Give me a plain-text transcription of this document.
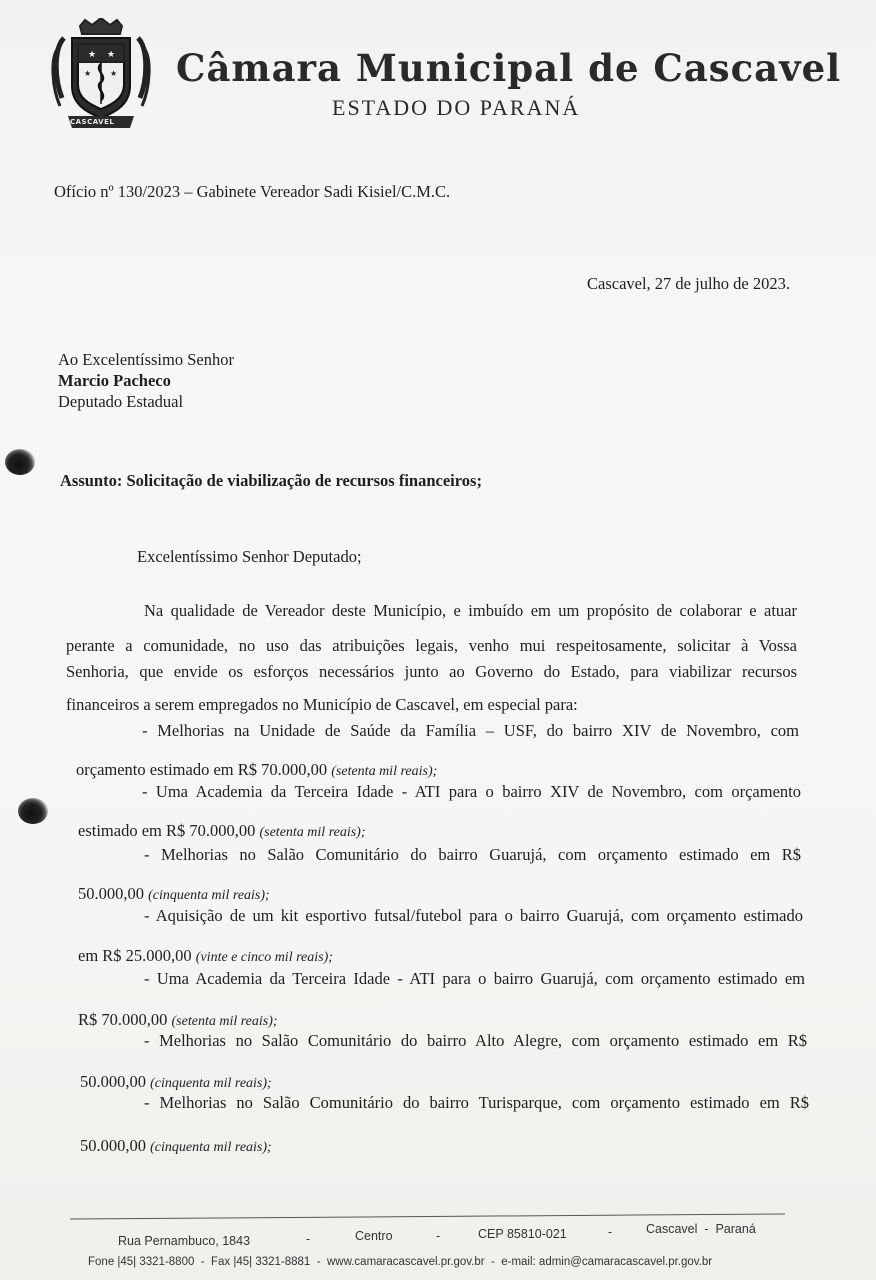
★ ★
★ ★
CASCAVEL
Câmara Municipal de Cascavel
ESTADO DO PARANÁ
Ofício nº 130/2023 – Gabinete Vereador Sadi Kisiel/C.M.C.
Cascavel, 27 de julho de 2023.
Ao Excelentíssimo Senhor
Marcio Pacheco
Deputado Estadual
Assunto: Solicitação de viabilização de recursos financeiros;
Excelentíssimo Senhor Deputado;
Na qualidade de Vereador deste Município, e imbuído em um propósito de colaborar e atuar
perante a comunidade, no uso das atribuições legais, venho mui respeitosamente, solicitar à Vossa
Senhoria, que envide os esforços necessários junto ao Governo do Estado, para viabilizar recursos
financeiros a serem empregados no Município de Cascavel, em especial para:
- Melhorias na Unidade de Saúde da Família – USF, do bairro XIV de Novembro, com
orçamento estimado em R$ 70.000,00 (setenta mil reais);
- Uma Academia da Terceira Idade - ATI para o bairro XIV de Novembro, com orçamento
estimado em R$ 70.000,00 (setenta mil reais);
- Melhorias no Salão Comunitário do bairro Guarujá, com orçamento estimado em R$
50.000,00 (cinquenta mil reais);
- Aquisição de um kit esportivo futsal/futebol para o bairro Guarujá, com orçamento estimado
em R$ 25.000,00 (vinte e cinco mil reais);
- Uma Academia da Terceira Idade - ATI para o bairro Guarujá, com orçamento estimado em
R$ 70.000,00 (setenta mil reais);
- Melhorias no Salão Comunitário do bairro Alto Alegre, com orçamento estimado em R$
50.000,00 (cinquenta mil reais);
- Melhorias no Salão Comunitário do bairro Turisparque, com orçamento estimado em R$
50.000,00 (cinquenta mil reais);
Rua Pernambuco, 1843	-	Centro	-	CEP 85810-021	-	Cascavel  -  Paraná
Fone |45| 3321-8800  -  Fax |45| 3321-8881  -  www.camaracascavel.pr.gov.br  -  e-mail: admin@camaracascavel.pr.gov.br
